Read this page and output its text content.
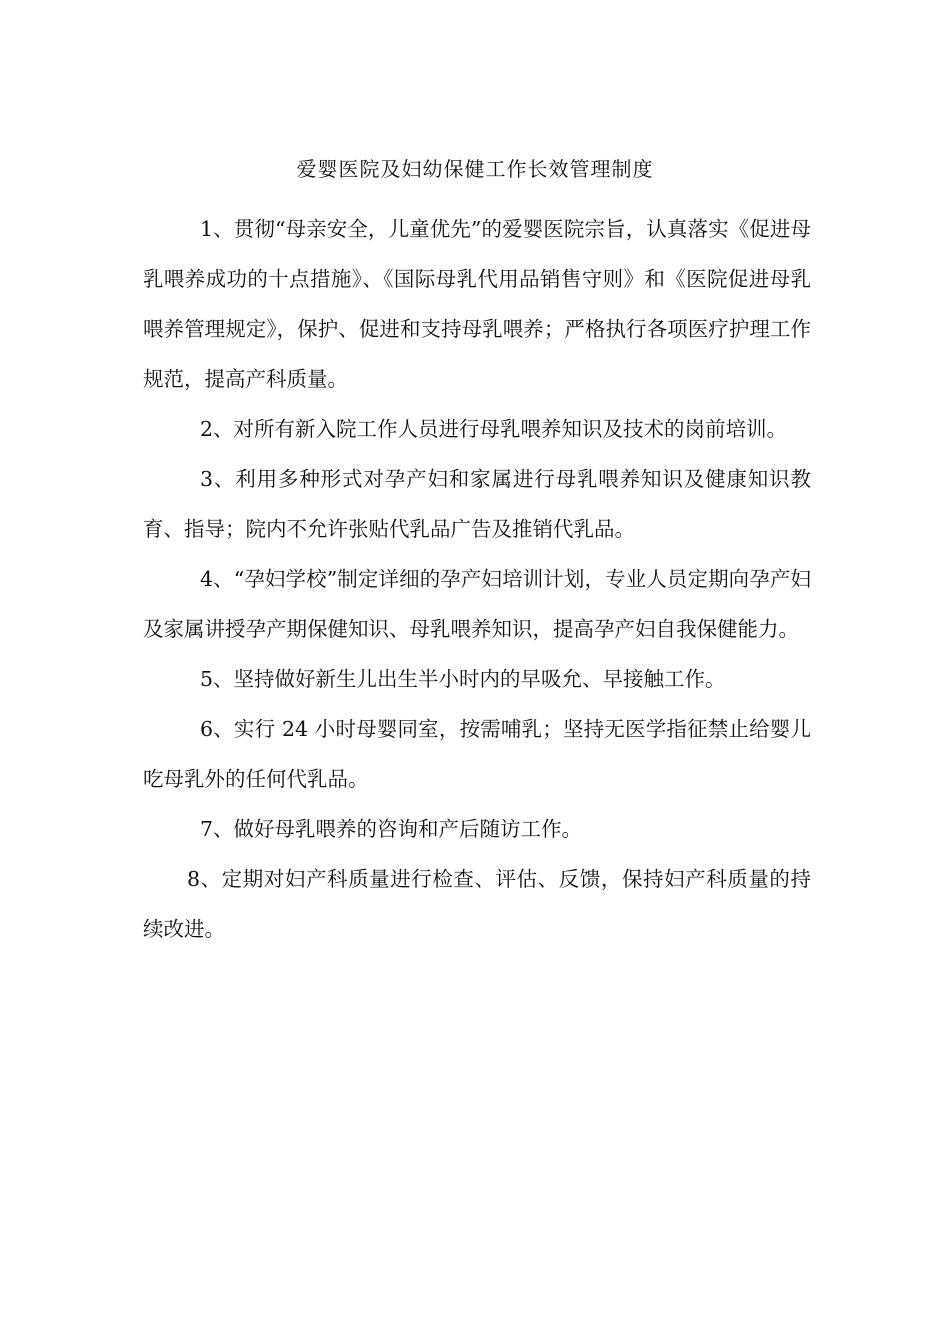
爱婴医院及妇幼保健工作长效管理制度

1、贯彻“母亲安全，儿童优先”的爱婴医院宗旨，认真落实《促进母乳喂养成功的十点措施》、《国际母乳代用品销售守则》和《医院促进母乳喂养管理规定》，保护、促进和支持母乳喂养；严格执行各项医疗护理工作规范，提高产科质量。

2、对所有新入院工作人员进行母乳喂养知识及技术的岗前培训。

3、利用多种形式对孕产妇和家属进行母乳喂养知识及健康知识教育、指导；院内不允许张贴代乳品广告及推销代乳品。

4、“孕妇学校”制定详细的孕产妇培训计划，专业人员定期向孕产妇及家属讲授孕产期保健知识、母乳喂养知识，提高孕产妇自我保健能力。

5、坚持做好新生儿出生半小时内的早吸允、早接触工作。

6、实行 24 小时母婴同室，按需哺乳；坚持无医学指征禁止给婴儿吃母乳外的任何代乳品。

7、做好母乳喂养的咨询和产后随访工作。

8、定期对妇产科质量进行检查、评估、反馈，保持妇产科质量的持续改进。
